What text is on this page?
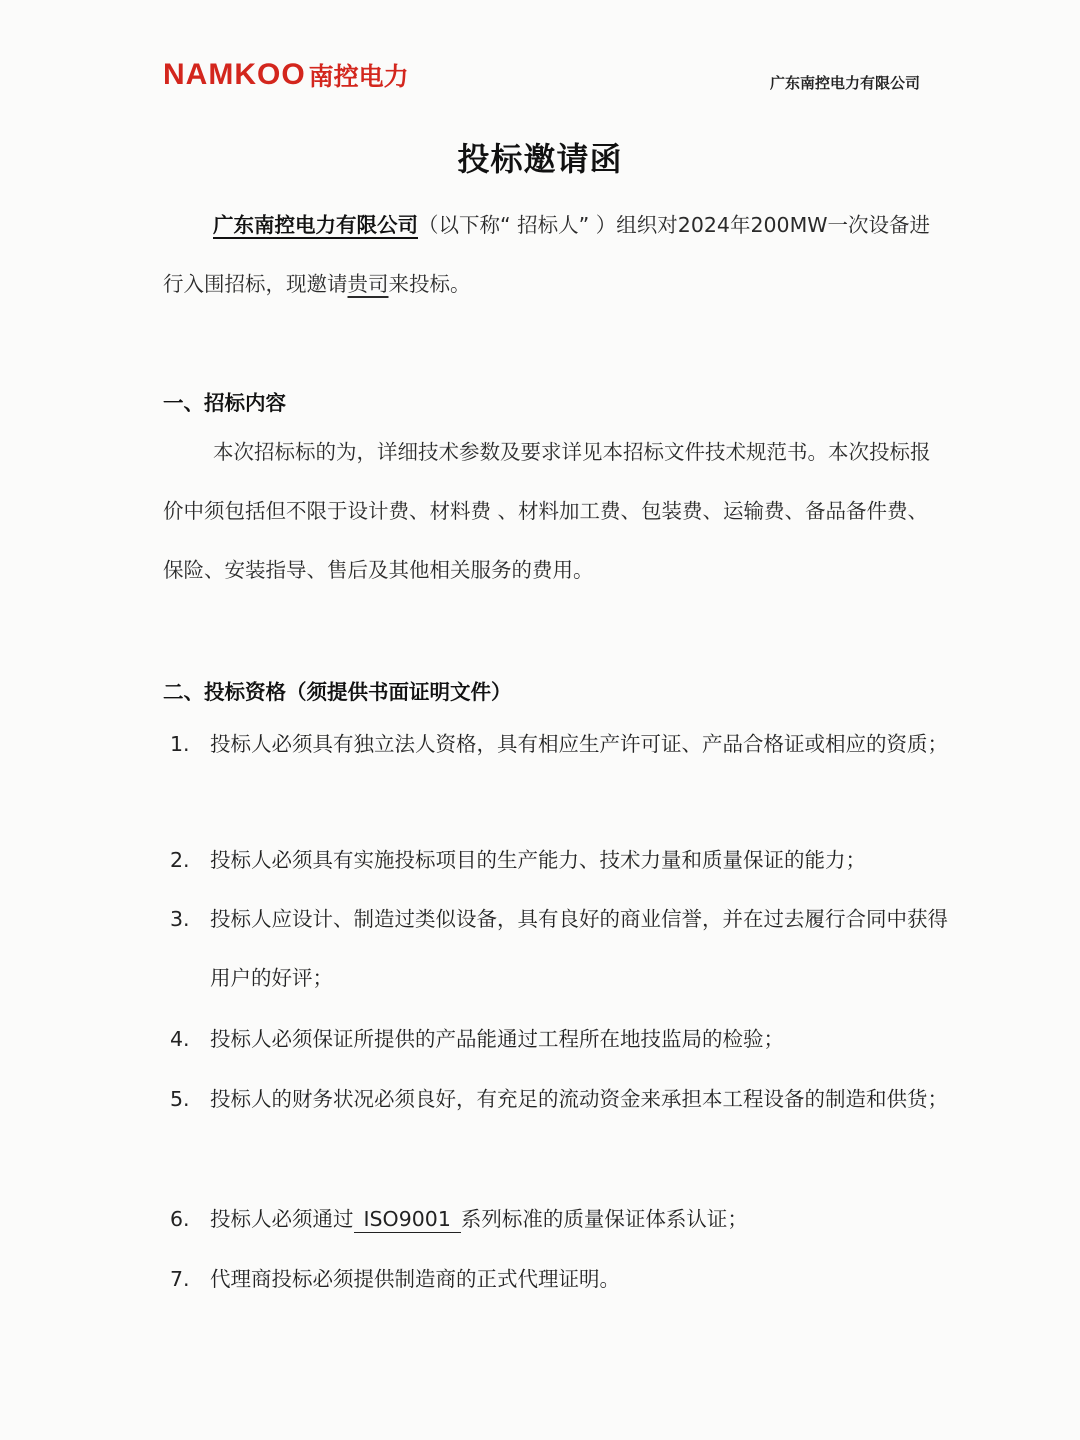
NAMKOO 南控电力	广东南控电力有限公司
投标邀请函
广东南控电力有限公司（以下称“ 招标人” ）组织对2024年200MW一次设备进行入围招标，现邀请贵司来投标。
一、招标内容
本次招标标的为，详细技术参数及要求详见本招标文件技术规范书。本次投标报价中须包括但不限于设计费、材料费 、材料加工费、包装费、运输费、备品备件费、保险、安装指导、售后及其他相关服务的费用。
二、投标资格（须提供书面证明文件）
1. 投标人必须具有独立法人资格，具有相应生产许可证、产品合格证或相应的资质；
2. 投标人必须具有实施投标项目的生产能力、技术力量和质量保证的能力；
3. 投标人应设计、制造过类似设备，具有良好的商业信誉，并在过去履行合同中获得用户的好评；
4. 投标人必须保证所提供的产品能通过工程所在地技监局的检验；
5. 投标人的财务状况必须良好，有充足的流动资金来承担本工程设备的制造和供货；
6. 投标人必须通过 ISO9001 系列标准的质量保证体系认证；
7. 代理商投标必须提供制造商的正式代理证明。
